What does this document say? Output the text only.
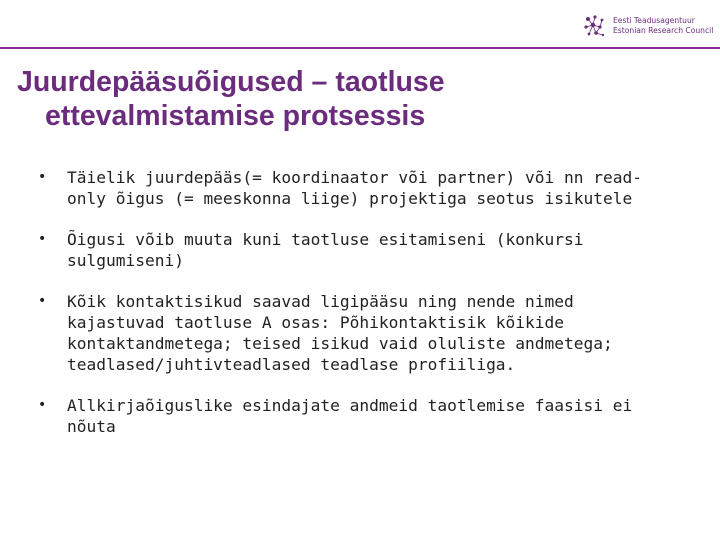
Eesti Teadusagentuur
Estonian Research Council
Juurdepääsuõigused – taotluse
ettevalmistamise protsessis
• Täielik juurdepääs(= koordinaator või partner) või nn read-
only õigus (= meeskonna liige) projektiga seotus isikutele
• Õigusi võib muuta kuni taotluse esitamiseni (konkursi
sulgumiseni)
• Kõik kontaktisikud saavad ligipääsu ning nende nimed
kajastuvad taotluse A osas: Põhikontaktisik kõikide
kontaktandmetega; teised isikud vaid oluliste andmetega;
teadlased/juhtivteadlased teadlase profiiliga.
• Allkirjaõiguslike esindajate andmeid taotlemise faasisi ei
nõuta
